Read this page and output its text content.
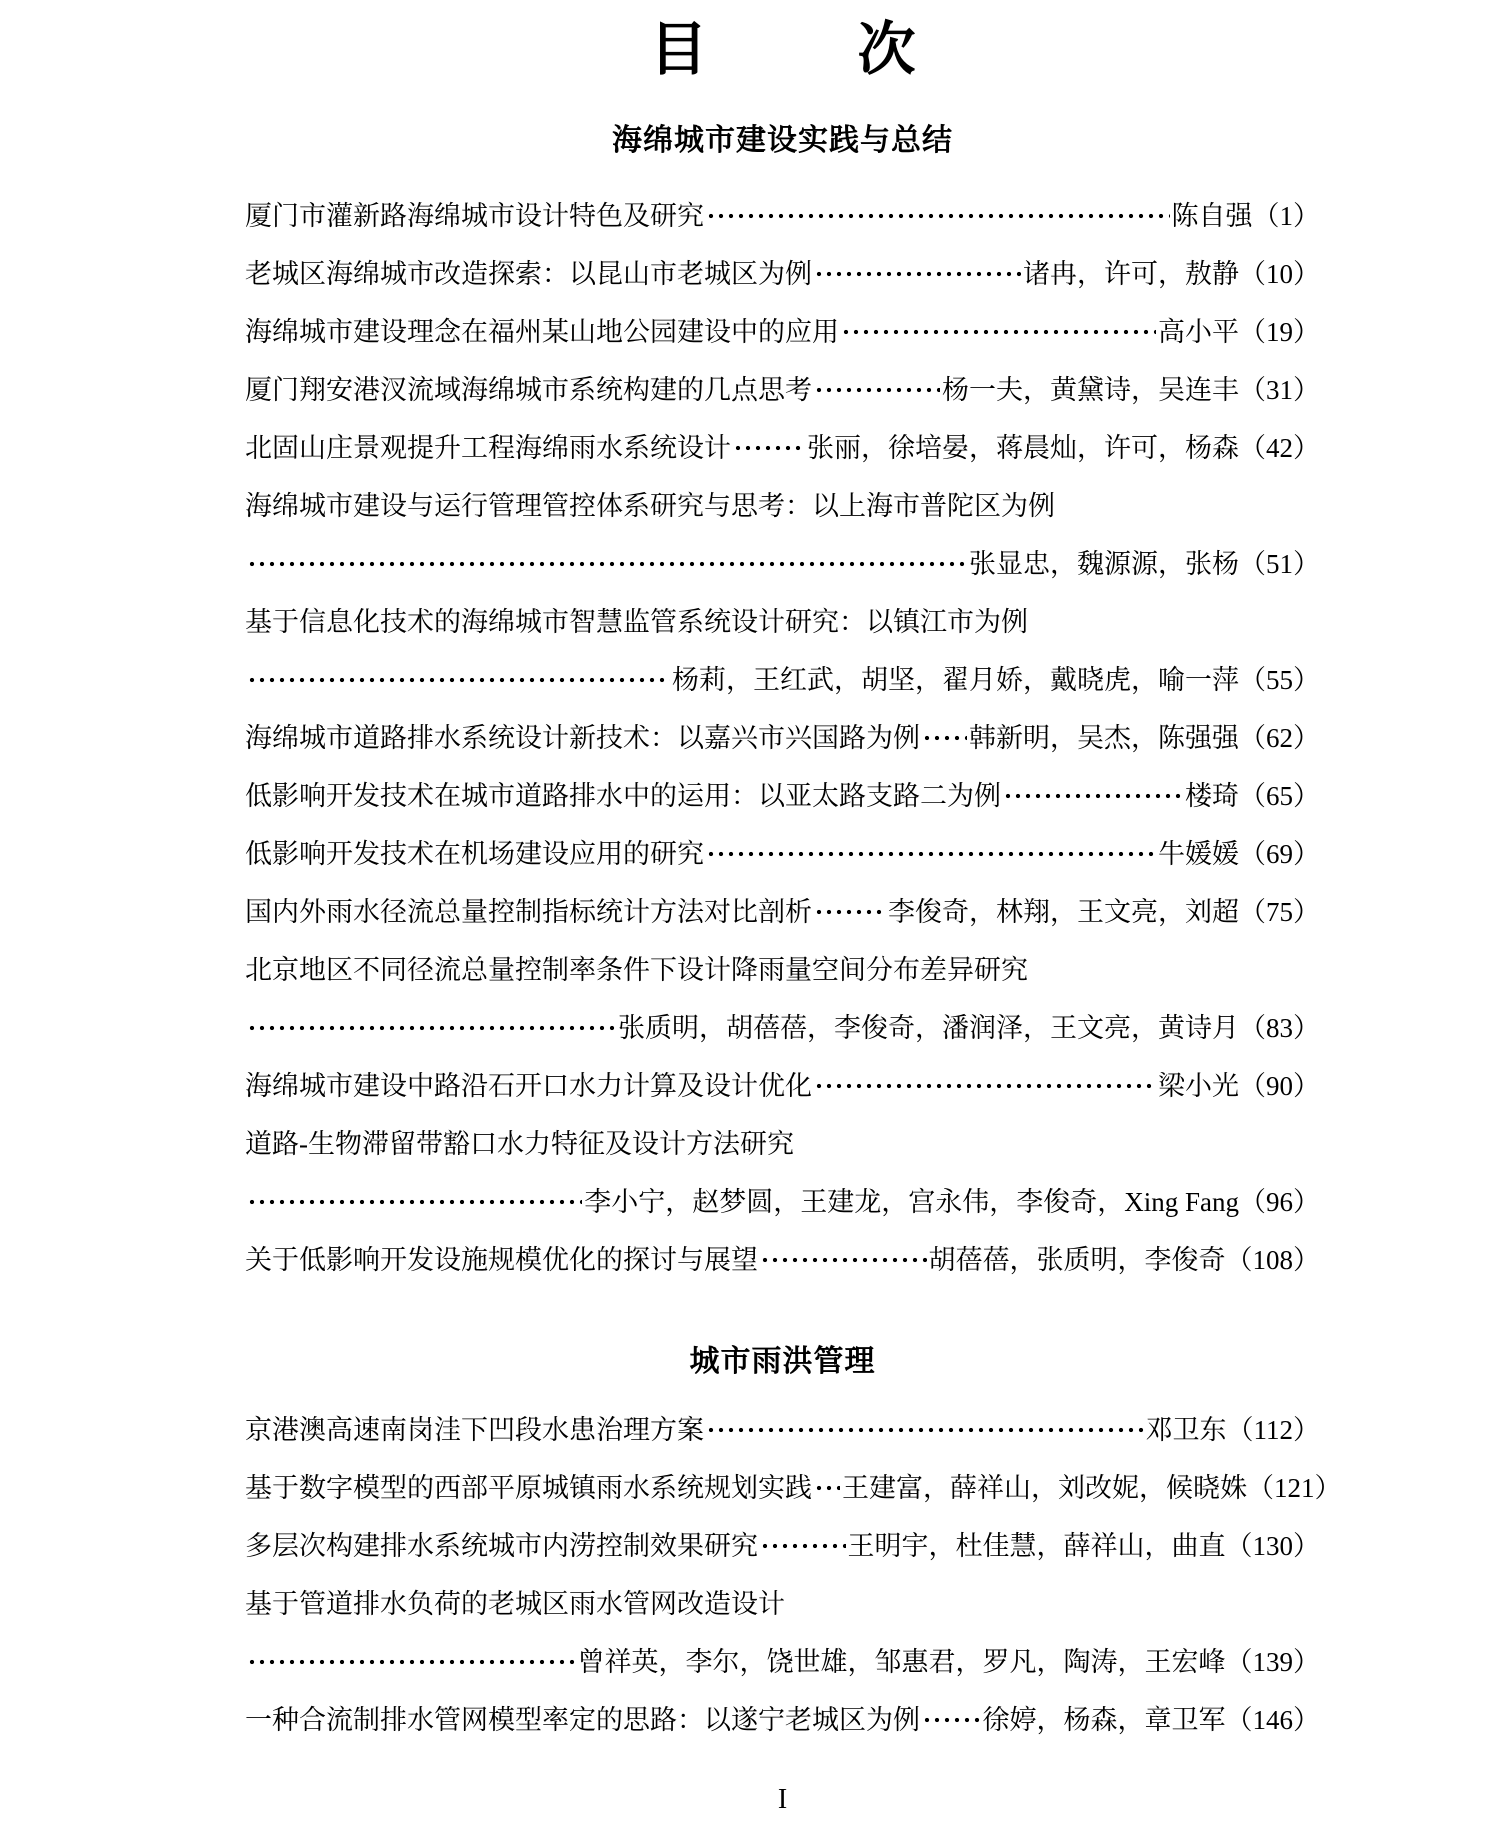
目	次
海绵城市建设实践与总结
厦门市灌新路海绵城市设计特色及研究	陈自强 （1）
老城区海绵城市改造探索：以昆山市老城区为例	诸冉，许可，敖静 （10）
海绵城市建设理念在福州某山地公园建设中的应用	高小平 （19）
厦门翔安港汊流域海绵城市系统构建的几点思考	杨一夫，黄黛诗，吴连丰 （31）
北固山庄景观提升工程海绵雨水系统设计	张丽，徐培晏，蒋晨灿，许可，杨森 （42）
海绵城市建设与运行管理管控体系研究与思考：以上海市普陀区为例
张显忠，魏源源，张杨 （51）
基于信息化技术的海绵城市智慧监管系统设计研究：以镇江市为例
杨莉，王红武，胡坚，翟月娇，戴晓虎，喻一萍 （55）
海绵城市道路排水系统设计新技术：以嘉兴市兴国路为例 韩新明，吴杰，陈强强 （62）
低影响开发技术在城市道路排水中的运用：以亚太路支路二为例	楼琦 （65）
低影响开发技术在机场建设应用的研究	牛媛媛 （69）
国内外雨水径流总量控制指标统计方法对比剖析	李俊奇，林翔，王文亮，刘超 （75）
北京地区不同径流总量控制率条件下设计降雨量空间分布差异研究
张质明，胡蓓蓓，李俊奇，潘润泽，王文亮，黄诗月 （83）
海绵城市建设中路沿石开口水力计算及设计优化	梁小光 （90）
道路-生物滞留带豁口水力特征及设计方法研究
李小宁，赵梦圆，王建龙，宫永伟，李俊奇，Xing Fang （96）
关于低影响开发设施规模优化的探讨与展望	胡蓓蓓，张质明，李俊奇 （108）
城市雨洪管理
京港澳高速南岗洼下凹段水患治理方案	邓卫东 （112）
基于数字模型的西部平原城镇雨水系统规划实践 王建富，薛祥山，刘改妮，候晓姝 （121）
多层次构建排水系统城市内涝控制效果研究	王明宇，杜佳慧，薛祥山，曲直 （130）
基于管道排水负荷的老城区雨水管网改造设计
曾祥英，李尔，饶世雄，邹惠君，罗凡，陶涛，王宏峰 （139）
一种合流制排水管网模型率定的思路：以遂宁老城区为例 徐婷，杨森，章卫军 （146）
I
